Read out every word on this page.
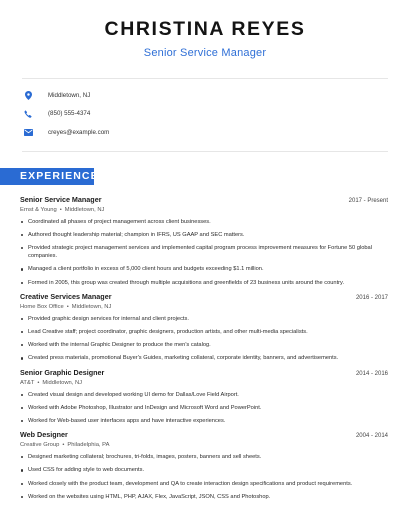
CHRISTINA REYES
Senior Service Manager
Middletown, NJ
(850) 555-4374
creyes@example.com
EXPERIENCE
Senior Service Manager	2017 - Present
Ernst & Young • Middletown, NJ
Coordinated all phases of project management across client businesses.
Authored thought leadership material; champion in IFRS, US GAAP and SEC matters.
Provided strategic project management services and implemented capital program process improvement measures for Fortune 50 global companies.
Managed a client portfolio in excess of 5,000 client hours and budgets exceeding $1.1 million.
Formed in 2005, this group was created through multiple acquisitions and greenfields of 23 business units around the country.
Creative Services Manager	2016 - 2017
Home Box Office • Middletown, NJ
Provided graphic design services for internal and client projects.
Lead Creative staff; project coordinator, graphic designers, production artists, and other multi-media specialists.
Worked with the internal Graphic Designer to produce the men's catalog.
Created press materials, promotional Buyer's Guides, marketing collateral, corporate identity, banners, and advertisements.
Senior Graphic Designer	2014 - 2016
AT&T • Middletown, NJ
Created visual design and developed working UI demo for Dallas/Love Field Airport.
Worked with Adobe Photoshop, Illustrator and InDesign and Microsoft Word and PowerPoint.
Worked for Web-based user interfaces apps and have interactive experiences.
Web Designer	2004 - 2014
Creative Group • Philadelphia, PA
Designed marketing collateral; brochures, tri-folds, images, posters, banners and sell sheets.
Used CSS for adding style to web documents.
Worked closely with the product team, development and QA to create interaction design specifications and product requirements.
Worked on the websites using HTML, PHP, AJAX, Flex, JavaScript, JSON, CSS and Photoshop.
